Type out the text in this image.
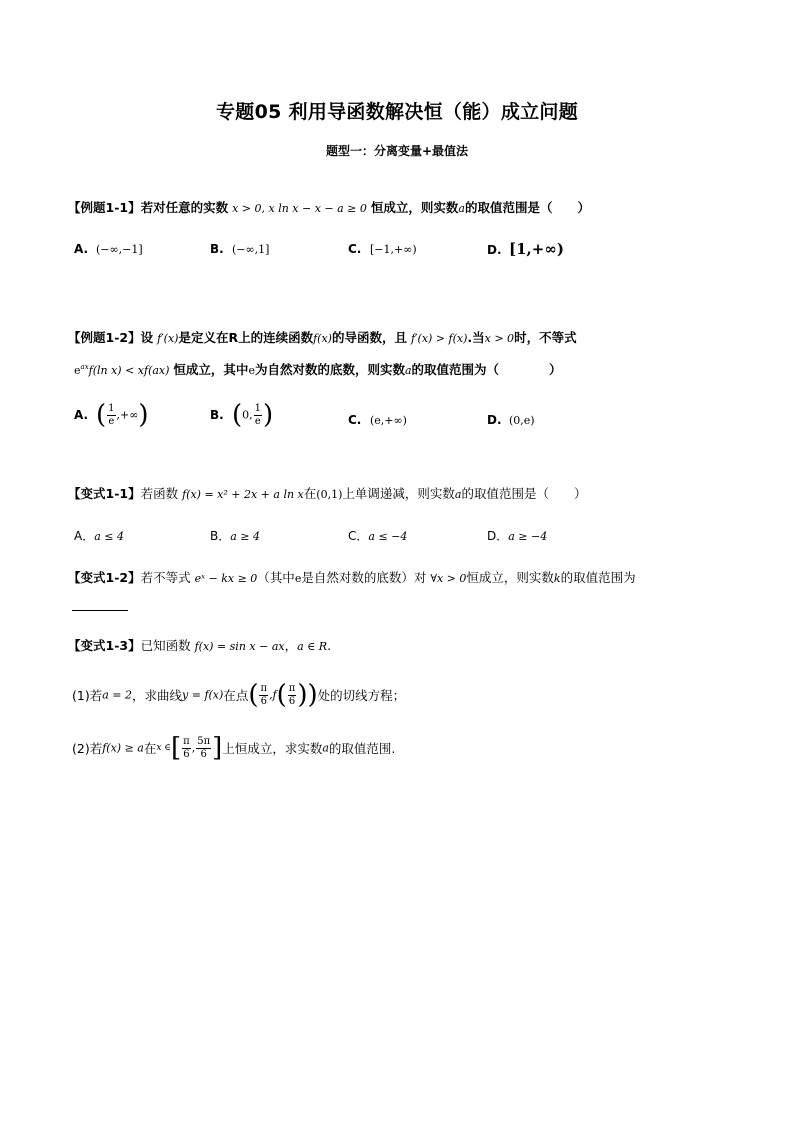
专题05 利用导函数解决恒（能）成立问题
题型一：分离变量+最值法
【例题1-1】若对任意的实数 x > 0, x ln x − x − a ≥ 0 恒成立，则实数a的取值范围是（　　）
A. (−∞,−1]	B. (−∞,1]	C. [−1,+∞)	D. [1,+∞)
【例题1-2】设 f′(x)是定义在R上的连续函数f(x)的导函数，且 f′(x) > f(x).当x > 0时，不等式
$e^{ax}f(\ln$ x) < xf(ax) 恒成立，其中e为自然对数的底数，则实数a的取值范围为（　　　　）
A. ( $\frac{1}{e}$ ,+∞)	B. (0, $\frac{1}{e}$ )	C. (e,+∞)	D. (0,e)
【变式1-1】若函数 f(x) = x² + 2x + a ln x在(0,1)上单调递减，则实数a的取值范围是（　　）
A．a ≤ 4	B．a ≥ 4	C．a ≤ −4	D．a ≥ −4
【变式1-2】若不等式 eˣ − kx ≥ 0（其中e是自然对数的底数）对 ∀x > 0恒成立，则实数k的取值范围为
【变式1-3】已知函数 f(x) = sin x − ax，a ∈ R.
(1)若a = 2，求曲线y = f(x)在点( $\frac{\pi}{6} ,f( \frac{\pi}{6}$ ))处的切线方程；
(2)若f(x) ≥ a在x ∈[ $\frac{\pi}{6}$ , $\frac{5\pi}{6}$ ]上恒成立，求实数a的取值范围.
